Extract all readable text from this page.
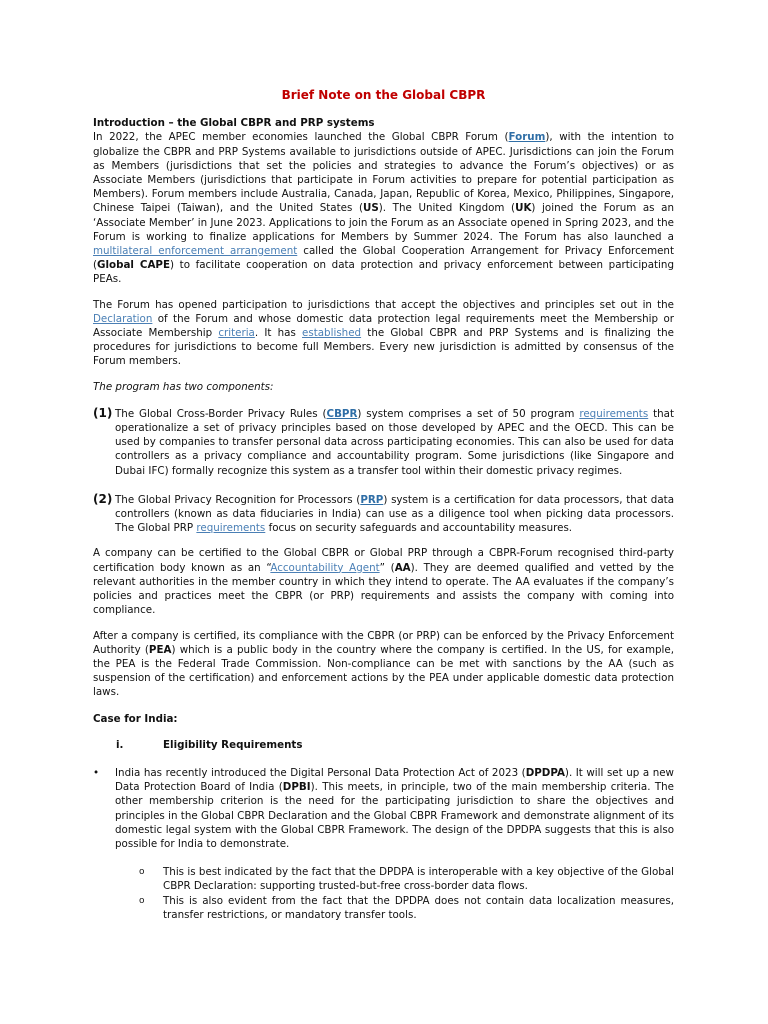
Brief Note on the Global CBPR

Introduction – the Global CBPR and PRP systems

In 2022, the APEC member economies launched the Global CBPR Forum (Forum), with the intention to globalize the CBPR and PRP Systems available to jurisdictions outside of APEC. Jurisdictions can join the Forum as Members (jurisdictions that set the policies and strategies to advance the Forum’s objectives) or as Associate Members (jurisdictions that participate in Forum activities to prepare for potential participation as Members). Forum members include Australia, Canada, Japan, Republic of Korea, Mexico, Philippines, Singapore, Chinese Taipei (Taiwan), and the United States (US). The United Kingdom (UK) joined the Forum as an ‘Associate Member’ in June 2023. Applications to join the Forum as an Associate opened in Spring 2023, and the Forum is working to finalize applications for Members by Summer 2024. The Forum has also launched a multilateral enforcement arrangement called the Global Cooperation Arrangement for Privacy Enforcement (Global CAPE) to facilitate cooperation on data protection and privacy enforcement between participating PEAs.

The Forum has opened participation to jurisdictions that accept the objectives and principles set out in the Declaration of the Forum and whose domestic data protection legal requirements meet the Membership or Associate Membership criteria. It has established the Global CBPR and PRP Systems and is finalizing the procedures for jurisdictions to become full Members. Every new jurisdiction is admitted by consensus of the Forum members.

The program has two components:

(1) The Global Cross-Border Privacy Rules (CBPR) system comprises a set of 50 program requirements that operationalize a set of privacy principles based on those developed by APEC and the OECD. This can be used by companies to transfer personal data across participating economies. This can also be used for data controllers as a privacy compliance and accountability program. Some jurisdictions (like Singapore and Dubai IFC) formally recognize this system as a transfer tool within their domestic privacy regimes.

(2) The Global Privacy Recognition for Processors (PRP) system is a certification for data processors, that data controllers (known as data fiduciaries in India) can use as a diligence tool when picking data processors. The Global PRP requirements focus on security safeguards and accountability measures.

A company can be certified to the Global CBPR or Global PRP through a CBPR-Forum recognised third-party certification body known as an “Accountability Agent” (AA). They are deemed qualified and vetted by the relevant authorities in the member country in which they intend to operate. The AA evaluates if the company’s policies and practices meet the CBPR (or PRP) requirements and assists the company with coming into compliance.

After a company is certified, its compliance with the CBPR (or PRP) can be enforced by the Privacy Enforcement Authority (PEA) which is a public body in the country where the company is certified. In the US, for example, the PEA is the Federal Trade Commission. Non-compliance can be met with sanctions by the AA (such as suspension of the certification) and enforcement actions by the PEA under applicable domestic data protection laws.

Case for India:

i.	Eligibility Requirements
• India has recently introduced the Digital Personal Data Protection Act of 2023 (DPDPA). It will set up a new Data Protection Board of India (DPBI). This meets, in principle, two of the main membership criteria. The other membership criterion is the need for the participating jurisdiction to share the objectives and principles in the Global CBPR Declaration and the Global CBPR Framework and demonstrate alignment of its domestic legal system with the Global CBPR Framework. The design of the DPDPA suggests that this is also possible for India to demonstrate.

o This is best indicated by the fact that the DPDPA is interoperable with a key objective of the Global CBPR Declaration: supporting trusted-but-free cross-border data flows.

o This is also evident from the fact that the DPDPA does not contain data localization measures, transfer restrictions, or mandatory transfer tools.
